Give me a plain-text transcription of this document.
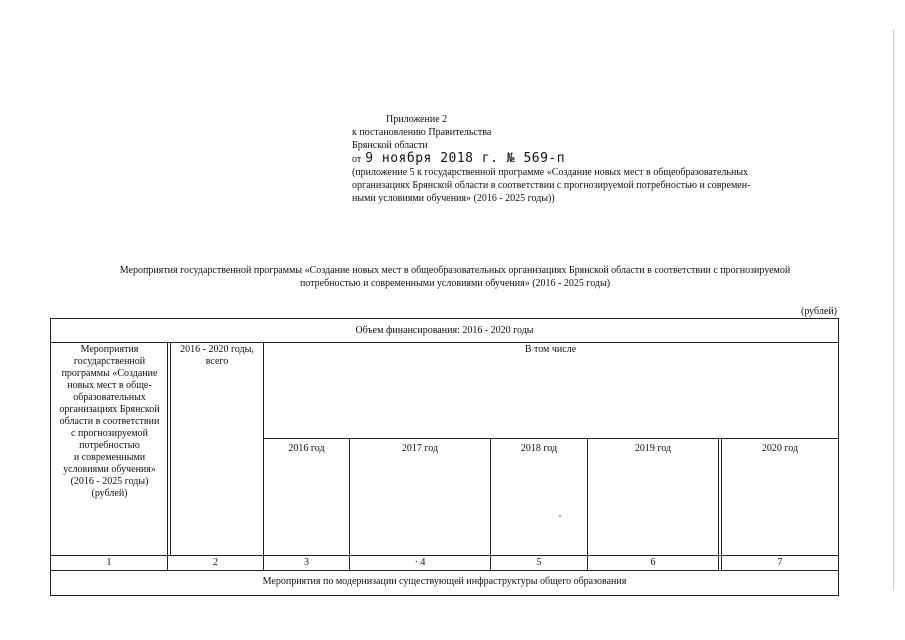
Приложение 2
к постановлению Правительства
Брянской области
от 9 ноября 2018 г. № 569-п
(приложение 5 к государственной программе «Создание новых мест в общеобразовательных
организациях Брянской области в соответствии с прогнозируемой потребностью и современ-
ными условиями обучения» (2016 - 2025 годы))
Мероприятия государственной программы «Создание новых мест в общеобразовательных организациях Брянской области в соответствии с прогнозируемой
потребностью и современными условиями обучения» (2016 - 2025 годы)
(рублей)
Объем финансирования: 2016 - 2020 годы
Мероприятия
государственной
программы «Создание
новых мест в обще-
образовательных
организациях Брянской
области в соответствии
с прогнозируемой
потребностью
и современными
условиями обучения»
(2016 - 2025 годы)
(рублей)
2016 - 2020 годы,
всего
В том числе
2016 год	2017 год	2018 год	2019 год	2020 год
1	2	3	· 4	5	6	7
Мероприятия по модернизации существующей инфраструктуры общего образования
